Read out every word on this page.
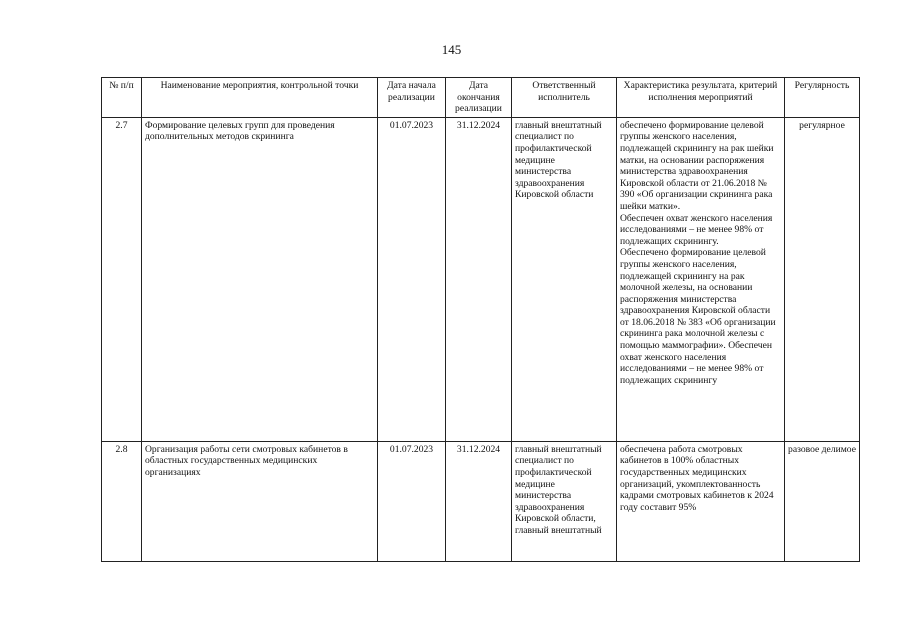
145
№ п/п	Наименование мероприятия, контрольной точки	Дата начала реализации	Дата окончания реализации	Ответственный исполнитель	Характеристика результата, критерий исполнения мероприятий	Регулярность
2.7	Формирование целевых групп для проведения дополнительных методов скрининга	01.07.2023	31.12.2024	главный внештатный специалист по профилактической медицине министерства здравоохранения Кировской области	обеспечено формирование целевой группы женского населения, подлежащей скринингу на рак шейки матки, на основании распоряжения министерства здравоохранения Кировской области от 21.06.2018 № 390 «Об организации скрининга рака шейки матки».

Обеспечен охват женского населения исследованиями – не менее 98% от подлежащих скринингу.

Обеспечено формирование целевой группы женского населения, подлежащей скринингу на рак молочной железы, на основании распоряжения министерства здравоохранения Кировской области от 18.06.2018 № 383 «Об организации скрининга рака молочной железы с помощью маммографии». Обеспечен охват женского населения исследованиями – не менее 98% от подлежащих скринингу	регулярное
2.8	Организация работы сети смотровых кабинетов в областных государственных медицинских организациях	01.07.2023	31.12.2024	главный внештатный специалист по профилактической медицине министерства здравоохранения Кировской области, главный внештатный	обеспечена работа смотровых кабинетов в 100% областных государственных медицинских организаций, укомплектованность кадрами смотровых кабинетов к 2024 году составит 95%	разовое делимое
